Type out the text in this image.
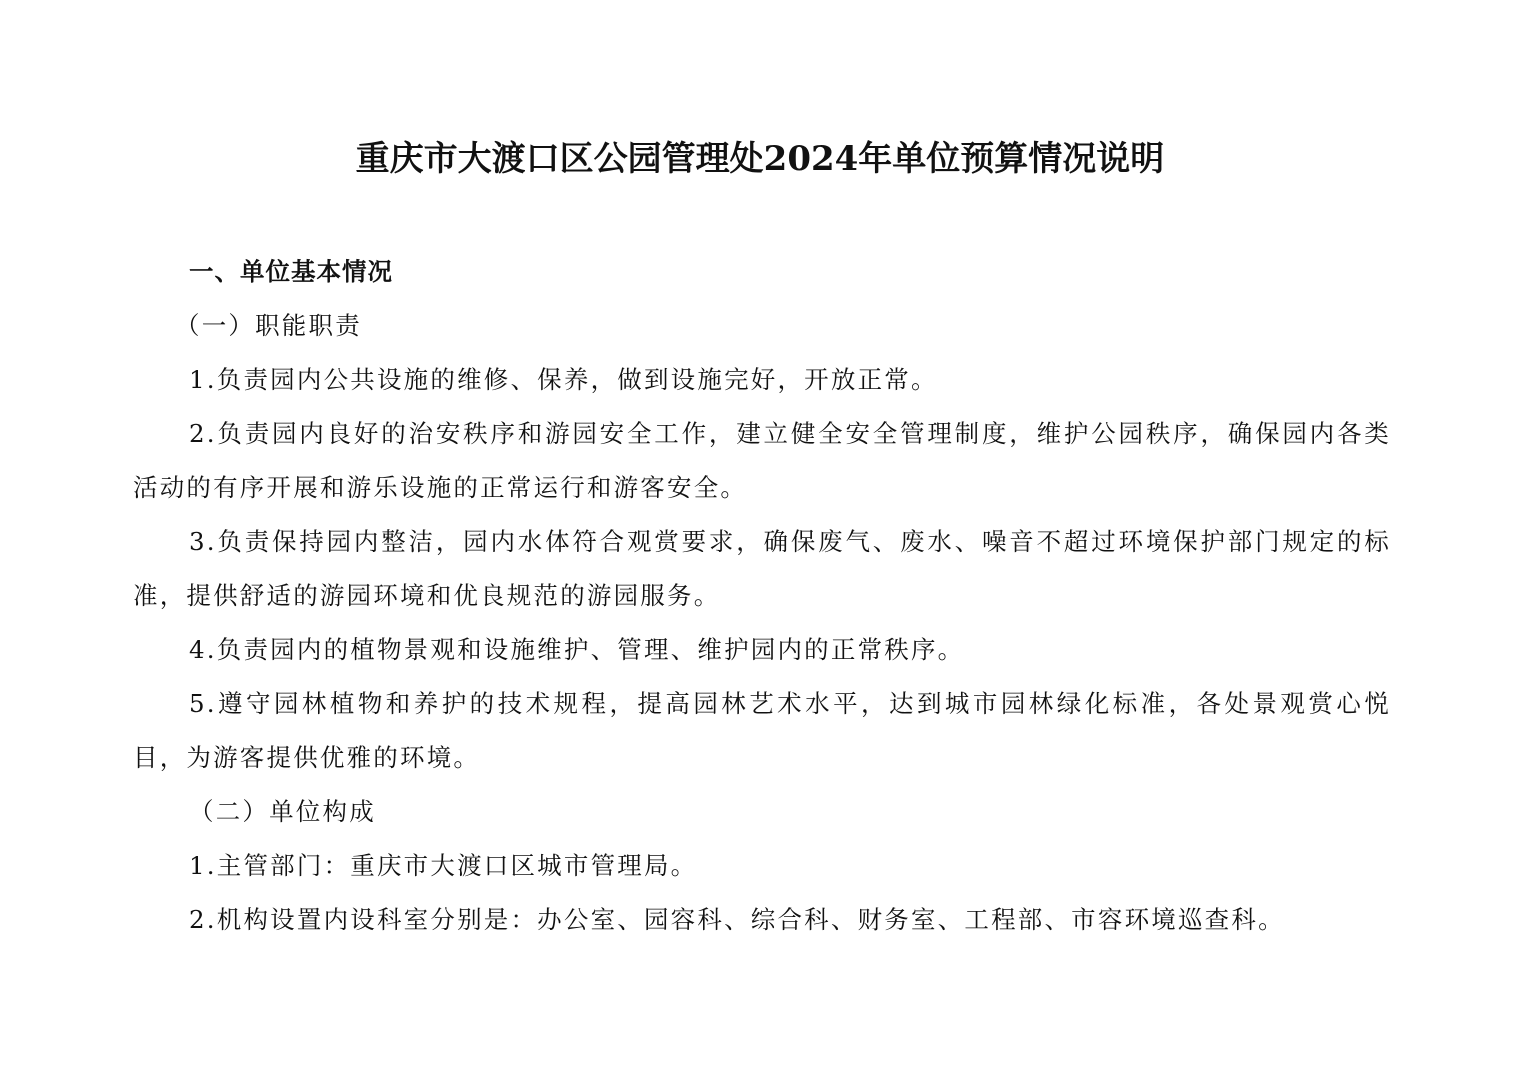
重庆市大渡口区公园管理处2024年单位预算情况说明

一、单位基本情况

（一）职能职责

1.负责园内公共设施的维修、保养，做到设施完好，开放正常。

2.负责园内良好的治安秩序和游园安全工作，建立健全安全管理制度，维护公园秩序，确保园内各类活动的有序开展和游乐设施的正常运行和游客安全。

3.负责保持园内整洁，园内水体符合观赏要求，确保废气、废水、噪音不超过环境保护部门规定的标准，提供舒适的游园环境和优良规范的游园服务。

4.负责园内的植物景观和设施维护、管理、维护园内的正常秩序。

5.遵守园林植物和养护的技术规程，提高园林艺术水平，达到城市园林绿化标准，各处景观赏心悦目，为游客提供优雅的环境。

（二）单位构成

1.主管部门：重庆市大渡口区城市管理局。

2.机构设置内设科室分别是：办公室、园容科、综合科、财务室、工程部、市容环境巡查科。
